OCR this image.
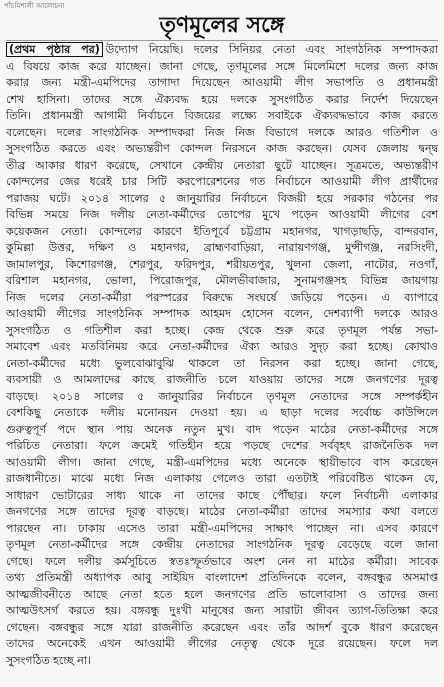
পাঁচমিশালী আলোচনা
তৃণমূলের সঙ্গে
(প্রথম পৃষ্ঠার পর) উদ্যোগ নিয়েছি। দলের সিনিয়র নেতা এবং সাংগঠনিক সম্পাদকরা
এ বিষয়ে কাজ করে যাচ্ছেন। জানা গেছে, তৃণমূলের সঙ্গে মিলেমিশে দলের জন্য কাজ
করার জন্য মন্ত্রী-এমপিদের তাগাদা দিয়েছেন আওয়ামী লীগ সভাপতি ও প্রধানমন্ত্রী
শেখ হাসিনা। তাদের সঙ্গে ঐক্যবদ্ধ হয়ে দলকে সুসংগঠিত করার নির্দেশ দিয়েছেন
তিনি। প্রধানমন্ত্রী আগামী নির্বাচনে বিজয়ের লক্ষ্যে সবাইকে ঐক্যবদ্ধভাবে কাজ করতে
বলেছেন। দলের সাংগঠনিক সম্পাদকরা নিজ নিজ বিভাগে দলকে আরও গতিশীল ও
সুসংগঠিত করতে এবং অভ্যন্তরীণ কোন্দল নিরসনে কাজ করছেন। যেসব জেলায় দ্বন্দ্ব
তীব্র আকার ধারণ করেছে, সেখানে কেন্দ্রীয় নেতারা ছুটে যাচ্ছেন। সূত্রমতে, অভ্যন্তরীণ
কোন্দলের জের ধরেই চার সিটি করপোরেশনের গত নির্বাচনে আওয়ামী লীগ প্রার্থীদের
পরাজয় ঘটে। ২০১৪ সালের ৫ জানুয়ারির নির্বাচনে বিজয়ী হয়ে সরকার গঠনের পর
বিভিন্ন সময়ে নিজ দলীয় নেতা-কর্মীদের তোপের মুখে পড়েন আওয়ামী লীগের বেশ
কয়েকজন নেতা। কোন্দলের কারণে ইতিপূর্বে চট্টগ্রাম মহানগর, খাগড়াছড়ি, বান্দরবান,
কুমিল্লা উত্তর, দক্ষিণ ও মহানগর, ব্রাহ্মণবাড়িয়া, নারায়ণগঞ্জ, মুন্সীগঞ্জ, নরসিংদী,
জামালপুর, কিশোরগঞ্জ, শেরপুর, ফরিদপুর, শরীয়তপুর, খুলনা জেলা, নাটোর, নওগাঁ,
বরিশাল মহানগর, ভোলা, পিরোজপুর, মৌলভীবাজার, সুনামগঞ্জসহ বিভিন্ন জায়গায়
নিজ দলের নেতা-কর্মীরা পরস্পরের বিরুদ্ধে সংঘর্ষে জড়িয়ে পড়েন। এ ব্যাপারে
আওয়ামী লীগের সাংগঠনিক সম্পাদক আহমদ হোসেন বলেন, দেশব্যাপী দলকে আরও
সুসংগঠিত ও গতিশীল করা হচ্ছে। কেন্দ্র থেকে শুরু করে তৃণমূল পর্যন্ত সভা-
সমাবেশ এবং মতবিনিময় করে নেতা-কর্মীদের ঐক্য আরও সুদৃঢ় করা হচ্ছে। কোথাও
নেতা-কর্মীদের মধ্যে ভুলবোঝাবুঝি থাকলে তা নিরসন করা হচ্ছে। জানা গেছে,
ব্যবসায়ী ও আমলাদের কাছে রাজনীতি চলে যাওয়ায় তাদের সঙ্গে জনগণের দূরত্ব
বাড়ছে। ২০১৪ সালের ৫ জানুয়ারির নির্বাচনে তৃণমূল নেতাদের সঙ্গে সম্পর্কহীন
বেশকিছু নেতাকে দলীয় মনোনয়ন দেওয়া হয়। এ ছাড়া দলের সর্বোচ্চ কাউন্সিলে
গুরুত্বপূর্ণ পদে স্থান পায় অনেক নতুন মুখ। বাদ পড়েন মাঠের নেতা-কর্মীদের সঙ্গে
পরিচিত নেতারা। ফলে ক্রমেই গতিহীন হয়ে পড়ছে দেশের সর্ববৃহৎ রাজনৈতিক দল
আওয়ামী লীগ। জানা গেছে, মন্ত্রী-এমপিদের মধ্যে অনেকে স্থায়ীভাবে বাস করেছেন
রাজধানীতে। মাঝে মধ্যে নিজ এলাকায় গেলেও তারা এতটাই পরিবেষ্টিত থাকেন যে,
সাধারণ ভোটারের সাধ্য থাকে না তাদের কাছে পৌঁছার। ফলে নির্বাচনী এলাকার
জনগণের সঙ্গে তাদের দূরত্ব বাড়ছে। মাঠের নেতা-কর্মীরা তাদের সমস্যার কথা বলতে
পারছেন না। ঢাকায় এসেও তারা মন্ত্রী-এমপিদের সাক্ষাৎ পাচ্ছেন না। এসব কারণে
তৃণমূল নেতা-কর্মীদের সঙ্গে কেন্দ্রীয় নেতাদের সাংগঠনিক দূরত্ব বেড়েছে বলে জানা
গেছে। ফলে দলীয় কর্মসূচিতে স্বতঃস্ফূর্তভাবে অংশ নেন না মাঠের কর্মীরা। সাবেক
তথ্য প্রতিমন্ত্রী অধ্যাপক আবু সাইয়িদ বাংলাদেশ প্রতিদিনকে বলেন, বঙ্গবন্ধুর অসমাপ্ত
আত্মজীবনীতে আছে নেতা হতে হলে জনগণের প্রতি ভালোবাসা ও তাদের জন্য
আত্মউৎসর্গ করতে হয়। বঙ্গবন্ধু দুঃখী মানুষের জন্য সারাটা জীবন ত্যাগ-তিতিক্ষা করে
গেছেন। বঙ্গবন্ধুর সঙ্গে যারা রাজনীতি করেছেন এবং তাঁর আদর্শ বুকে ধারণ করেছেন
তাদের অনেকেই এখন আওয়ামী লীগের নেতৃত্ব থেকে দূরে রয়েছেন। ফলে দল
সুসংগঠিত হচ্ছে না।
